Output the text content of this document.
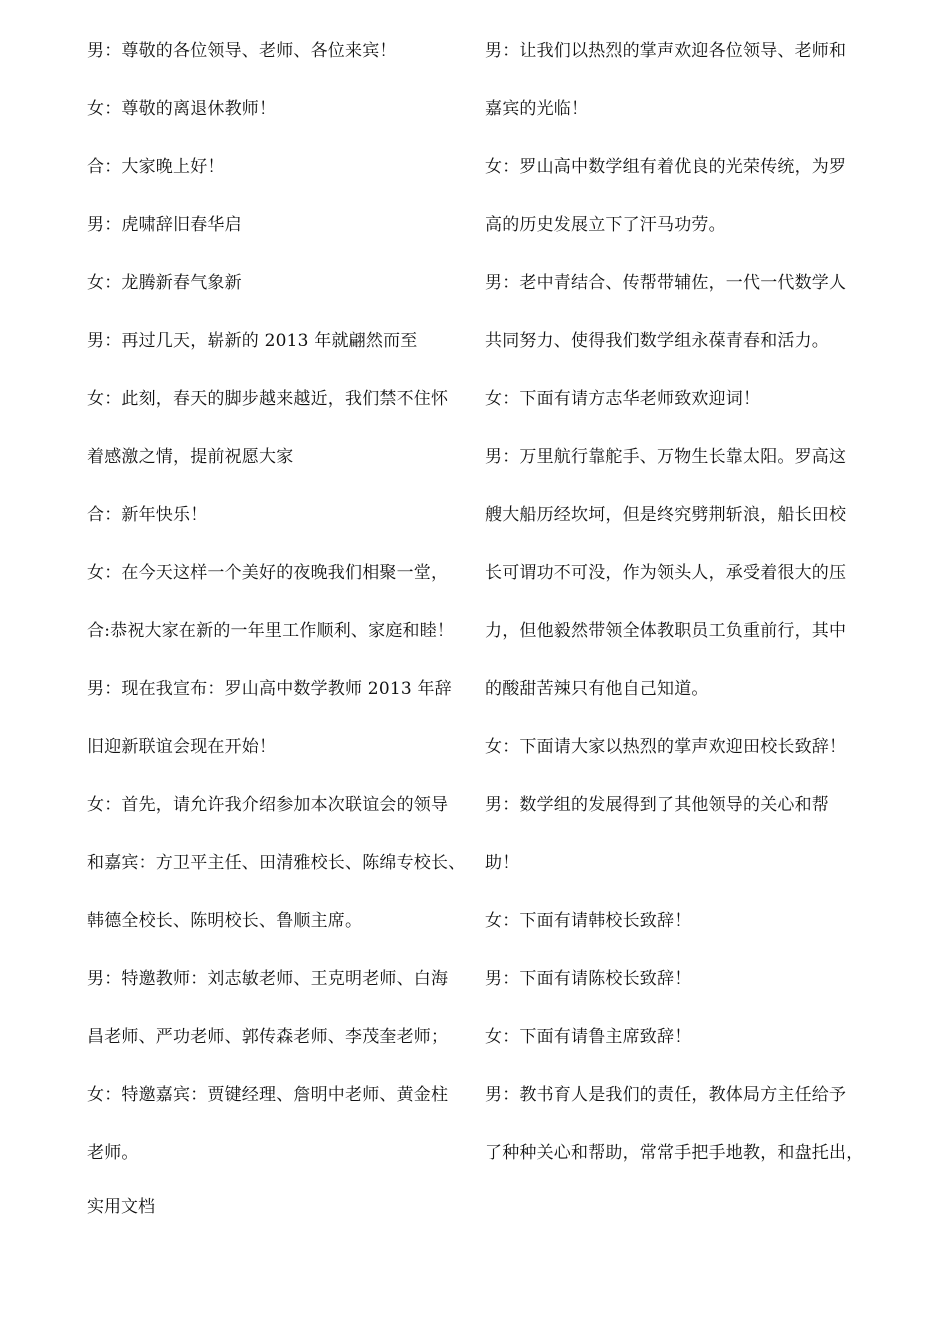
男：尊敬的各位领导、老师、各位来宾！
女：尊敬的离退休教师！
合：大家晚上好！
男：虎啸辞旧春华启
女：龙腾新春气象新
男：再过几天，崭新的 2013 年就翩然而至
女：此刻，春天的脚步越来越近，我们禁不住怀
着感激之情，提前祝愿大家
合：新年快乐！
女：在今天这样一个美好的夜晚我们相聚一堂，
合:恭祝大家在新的一年里工作顺利、家庭和睦！
男：现在我宣布：罗山高中数学教师 2013 年辞
旧迎新联谊会现在开始！
女：首先，请允许我介绍参加本次联谊会的领导
和嘉宾：方卫平主任、田清雅校长、陈绵专校长、
韩德全校长、陈明校长、鲁顺主席。
男：特邀教师：刘志敏老师、王克明老师、白海
昌老师、严功老师、郭传森老师、李茂奎老师；
女：特邀嘉宾：贾键经理、詹明中老师、黄金柱
老师。
男：让我们以热烈的掌声欢迎各位领导、老师和
嘉宾的光临！
女：罗山高中数学组有着优良的光荣传统，为罗
高的历史发展立下了汗马功劳。
男：老中青结合、传帮带辅佐，一代一代数学人
共同努力、使得我们数学组永葆青春和活力。
女：下面有请方志华老师致欢迎词！
男：万里航行靠舵手、万物生长靠太阳。罗高这
艘大船历经坎坷，但是终究劈荆斩浪，船长田校
长可谓功不可没，作为领头人，承受着很大的压
力，但他毅然带领全体教职员工负重前行，其中
的酸甜苦辣只有他自己知道。
女：下面请大家以热烈的掌声欢迎田校长致辞！
男：数学组的发展得到了其他领导的关心和帮
助！
女：下面有请韩校长致辞！
男：下面有请陈校长致辞！
女：下面有请鲁主席致辞！
男：教书育人是我们的责任，教体局方主任给予
了种种关心和帮助，常常手把手地教，和盘托出，
实用文档
